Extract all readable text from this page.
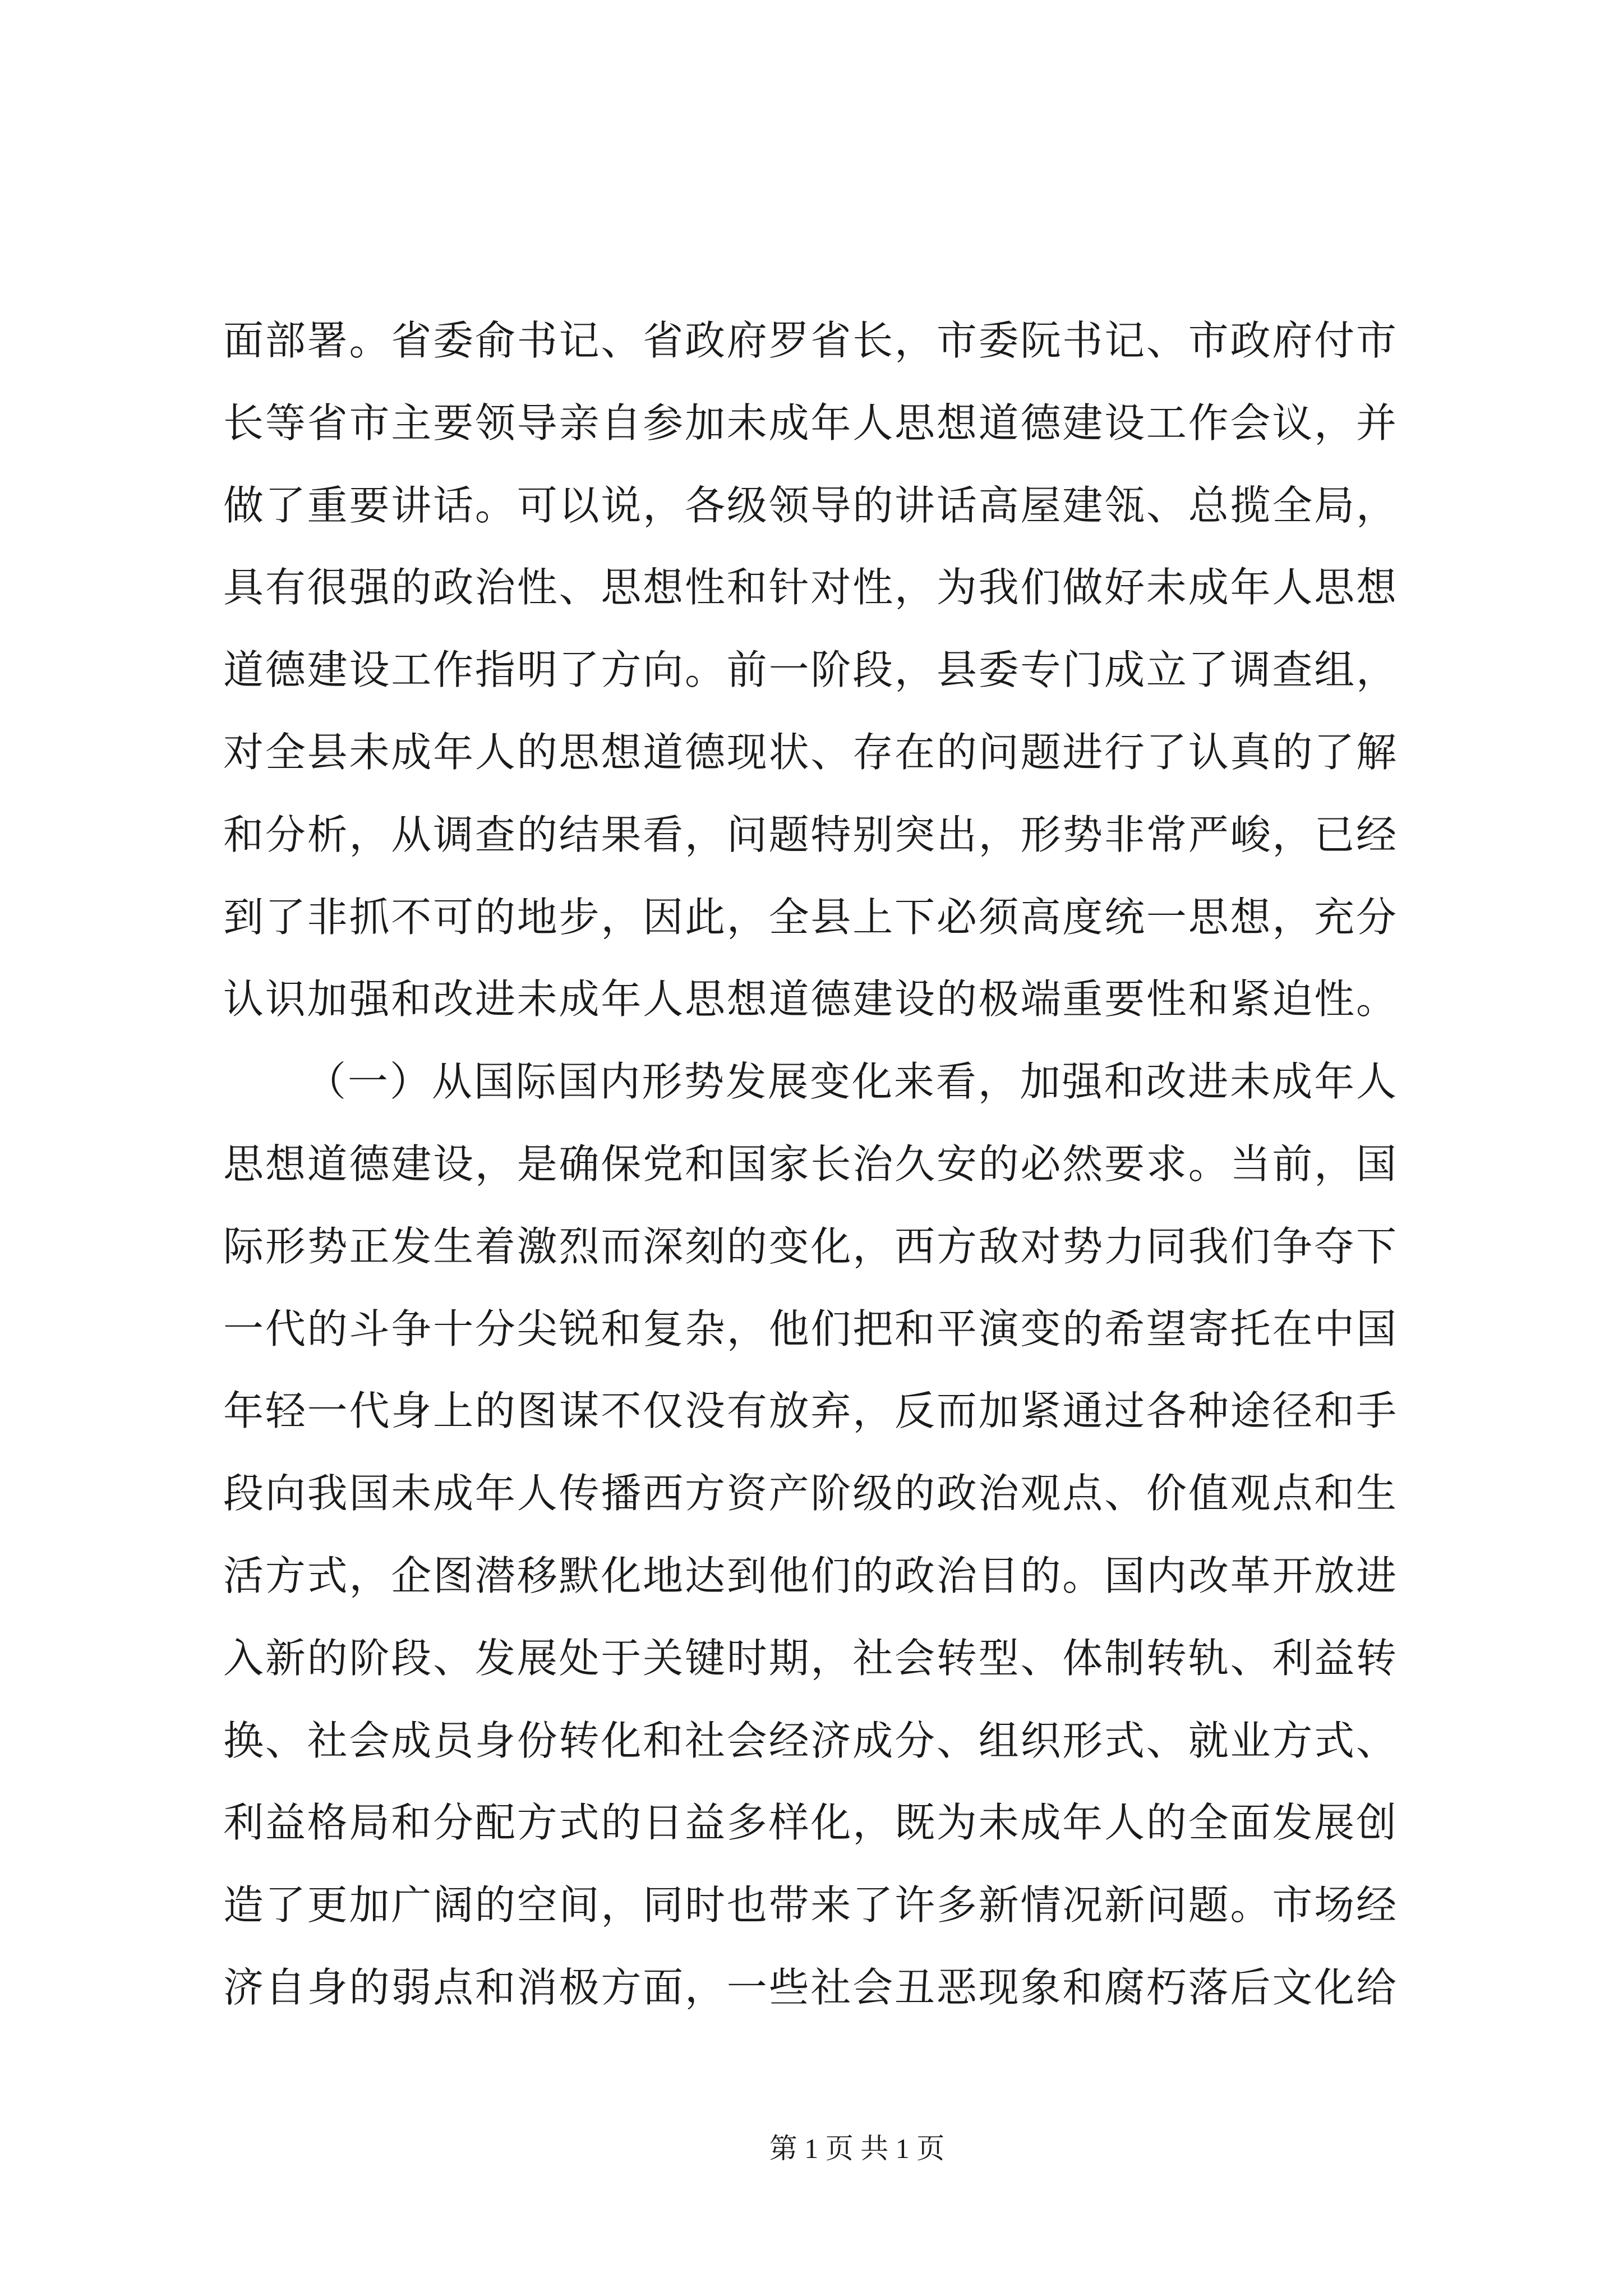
面部署。省委俞书记、省政府罗省长，市委阮书记、市政府付市
长等省市主要领导亲自参加未成年人思想道德建设工作会议，并
做了重要讲话。可以说，各级领导的讲话高屋建瓴、总揽全局，
具有很强的政治性、思想性和针对性，为我们做好未成年人思想
道德建设工作指明了方向。前一阶段，县委专门成立了调查组，
对全县未成年人的思想道德现状、存在的问题进行了认真的了解
和分析，从调查的结果看，问题特别突出，形势非常严峻，已经
到了非抓不可的地步，因此，全县上下必须高度统一思想，充分
认识加强和改进未成年人思想道德建设的极端重要性和紧迫性。
（一）从国际国内形势发展变化来看，加强和改进未成年人
思想道德建设，是确保党和国家长治久安的必然要求。当前，国
际形势正发生着激烈而深刻的变化，西方敌对势力同我们争夺下
一代的斗争十分尖锐和复杂，他们把和平演变的希望寄托在中国
年轻一代身上的图谋不仅没有放弃，反而加紧通过各种途径和手
段向我国未成年人传播西方资产阶级的政治观点、价值观点和生
活方式，企图潜移默化地达到他们的政治目的。国内改革开放进
入新的阶段、发展处于关键时期，社会转型、体制转轨、利益转
换、社会成员身份转化和社会经济成分、组织形式、就业方式、
利益格局和分配方式的日益多样化，既为未成年人的全面发展创
造了更加广阔的空间，同时也带来了许多新情况新问题。市场经
济自身的弱点和消极方面，一些社会丑恶现象和腐朽落后文化给
第 1 页 共 1 页
